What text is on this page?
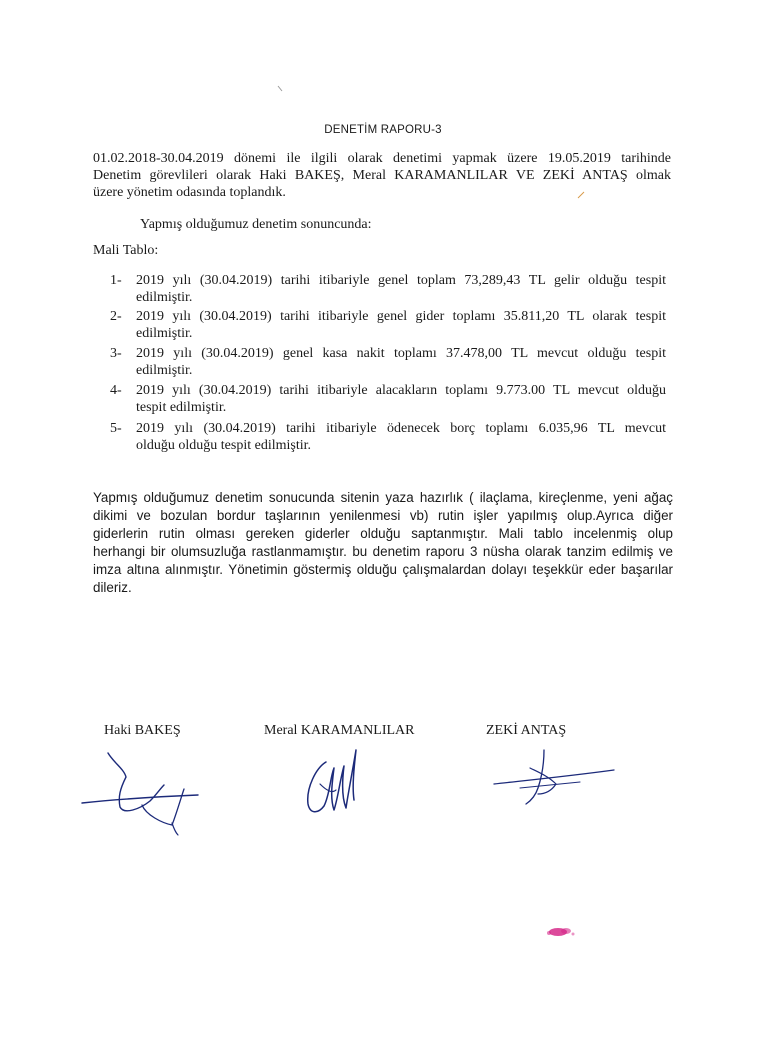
DENETİM RAPORU-3
01.02.2018-30.04.2019 dönemi ile ilgili olarak denetimi yapmak üzere 19.05.2019 tarihinde
Denetim görevlileri olarak Haki BAKEŞ, Meral KARAMANLILAR VE ZEKİ ANTAŞ olmak
üzere yönetim odasında toplandık.
Yapmış olduğumuz denetim sonuncunda:
Mali Tablo:
1-	2019 yılı (30.04.2019) tarihi itibariyle genel toplam 73,289,43 TL gelir olduğu tespit
edilmiştir.
2-	2019 yılı (30.04.2019) tarihi itibariyle genel gider toplamı 35.811,20 TL olarak tespit
edilmiştir.
3-	2019 yılı (30.04.2019) genel kasa nakit toplamı 37.478,00 TL mevcut olduğu tespit
edilmiştir.
4-	2019 yılı (30.04.2019) tarihi itibariyle alacakların toplamı 9.773.00 TL mevcut olduğu
tespit edilmiştir.
5-	2019 yılı (30.04.2019) tarihi itibariyle ödenecek borç toplamı 6.035,96 TL mevcut
olduğu olduğu tespit edilmiştir.
Yapmış olduğumuz denetim sonucunda sitenin yaza hazırlık ( ilaçlama, kireçlenme, yeni ağaç
dikimi ve bozulan bordur taşlarının yenilenmesi vb) rutin işler yapılmış olup.Ayrıca diğer
giderlerin rutin olması gereken giderler olduğu saptanmıştır. Mali tablo incelenmiş olup
herhangi bir olumsuzluğa rastlanmamıştır. bu denetim raporu 3 nüsha olarak tanzim edilmiş ve
imza altına alınmıştır. Yönetimin göstermiş olduğu çalışmalardan dolayı teşekkür eder başarılar
dileriz.
Haki BAKEŞ	Meral KARAMANLILAR	ZEKİ ANTAŞ
